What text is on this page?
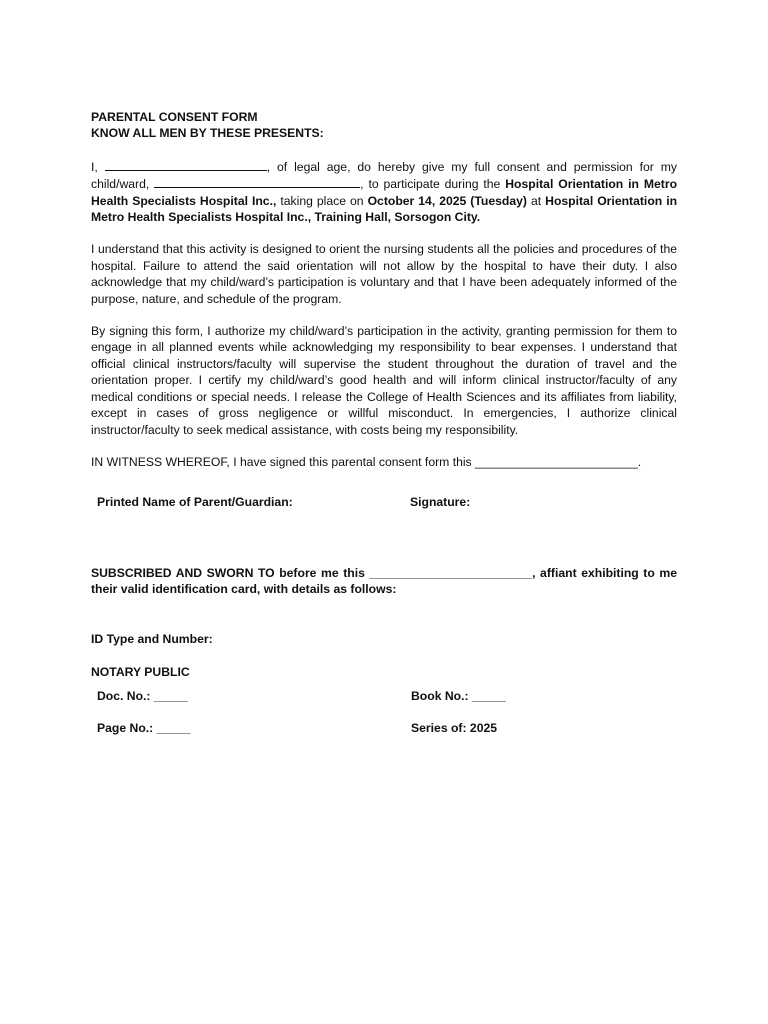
PARENTAL CONSENT FORM
KNOW ALL MEN BY THESE PRESENTS:

I,	, of legal age, do hereby give my full consent and permission for my child/ward,	, to participate during the Hospital Orientation in Metro Health Specialists Hospital Inc., taking place on October 14, 2025 (Tuesday) at Hospital Orientation in Metro Health Specialists Hospital Inc., Training Hall, Sorsogon City.

I understand that this activity is designed to orient the nursing students all the policies and procedures of the hospital. Failure to attend the said orientation will not allow by the hospital to have their duty. I also acknowledge that my child/ward’s participation is voluntary and that I have been adequately informed of the purpose, nature, and schedule of the program.

By signing this form, I authorize my child/ward’s participation in the activity, granting permission for them to engage in all planned events while acknowledging my responsibility to bear expenses. I understand that official clinical instructors/faculty will supervise the student throughout the duration of travel and the orientation proper. I certify my child/ward’s good health and will inform clinical instructor/faculty of any medical conditions or special needs. I release the College of Health Sciences and its affiliates from liability, except in cases of gross negligence or willful misconduct. In emergencies, I authorize clinical instructor/faculty to seek medical assistance, with costs being my responsibility.

IN WITNESS WHEREOF, I have signed this parental consent form this ________________________.

Printed Name of Parent/Guardian:	Signature:

SUBSCRIBED AND SWORN TO before me this ________________________, affiant exhibiting to me their valid identification card, with details as follows:

ID Type and Number:
NOTARY PUBLIC
Doc. No.: _____	Book No.: _____
Page No.: _____	Series of: 2025
